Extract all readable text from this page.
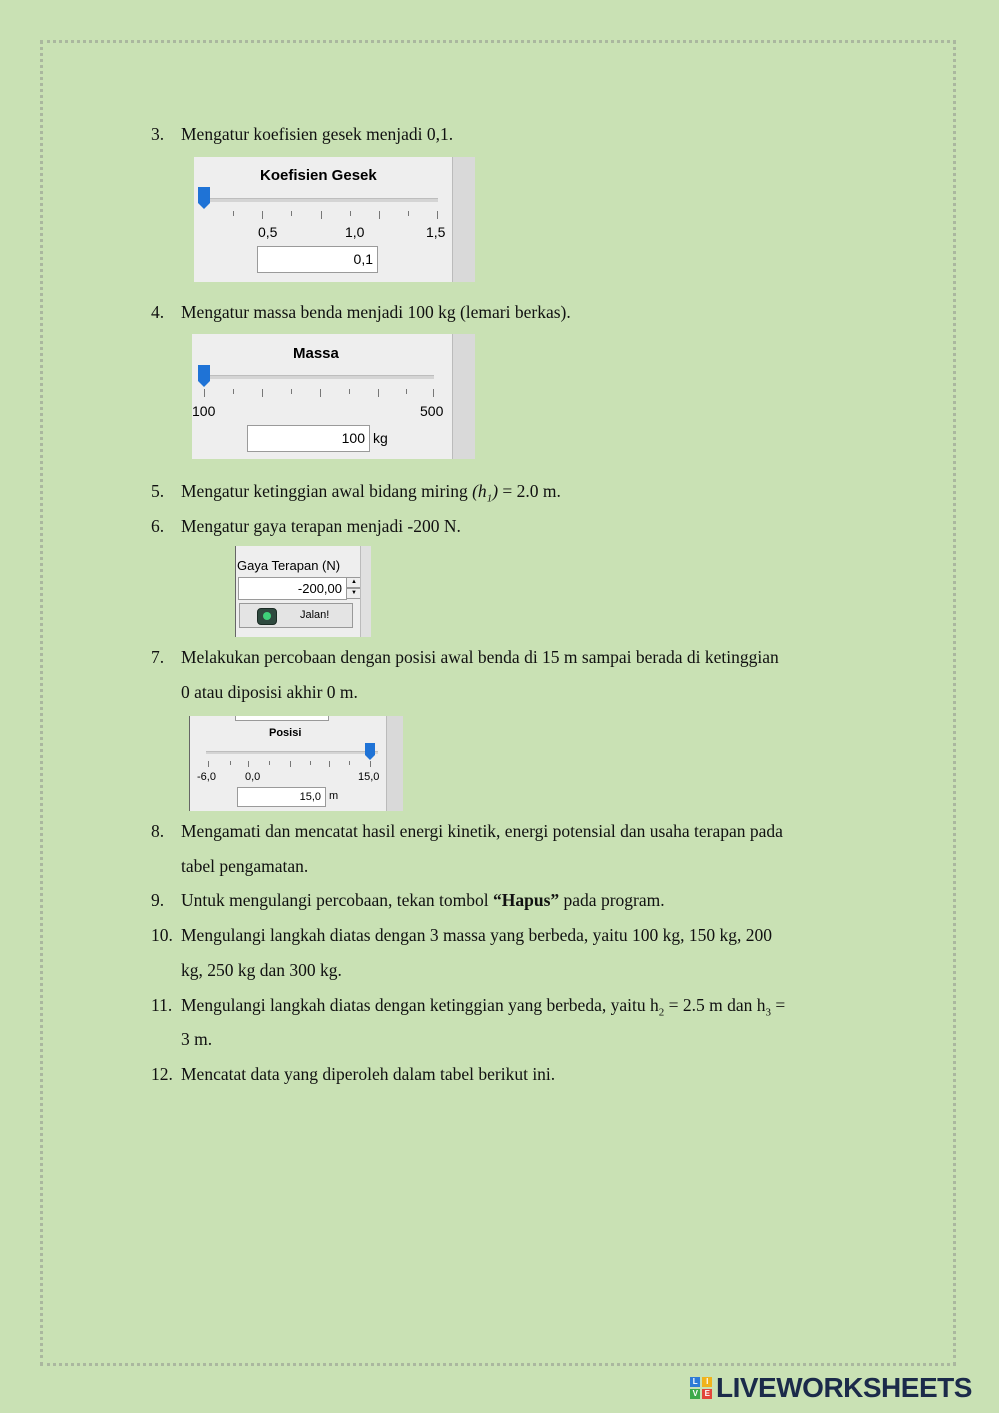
3. Mengatur koefisien gesek menjadi 0,1.
Koefisien Gesek
0,5	1,0	1,5
0,1
4. Mengatur massa benda menjadi 100 kg (lemari berkas).
Massa
100	500
100 kg
5. Mengatur ketinggian awal bidang miring $(h_1) = 2.0$ m.
6. Mengatur gaya terapan menjadi -200 N.
Gaya Terapan (N)
-200,00	▲
▼
Jalan!
7. Melakukan percobaan dengan posisi awal benda di 15 m sampai berada di ketinggian
0 atau diposisi akhir 0 m.
Posisi
-6,0	0,0	15,0
15,0 m
8. Mengamati dan mencatat hasil energi kinetik, energi potensial dan usaha terapan pada
tabel pengamatan.
9. Untuk mengulangi percobaan, tekan tombol “Hapus” pada program.
10. Mengulangi langkah diatas dengan 3 massa yang berbeda, yaitu 100 kg, 150 kg, 200
kg, 250 kg dan 300 kg.
11. Mengulangi langkah diatas dengan ketinggian yang berbeda, yaitu $h_2 = 2.5$ m dan $h_3$ =
3 m.
12. Mencatat data yang diperoleh dalam tabel berikut ini.
L	I
V E LIVEWORKSHEETS
